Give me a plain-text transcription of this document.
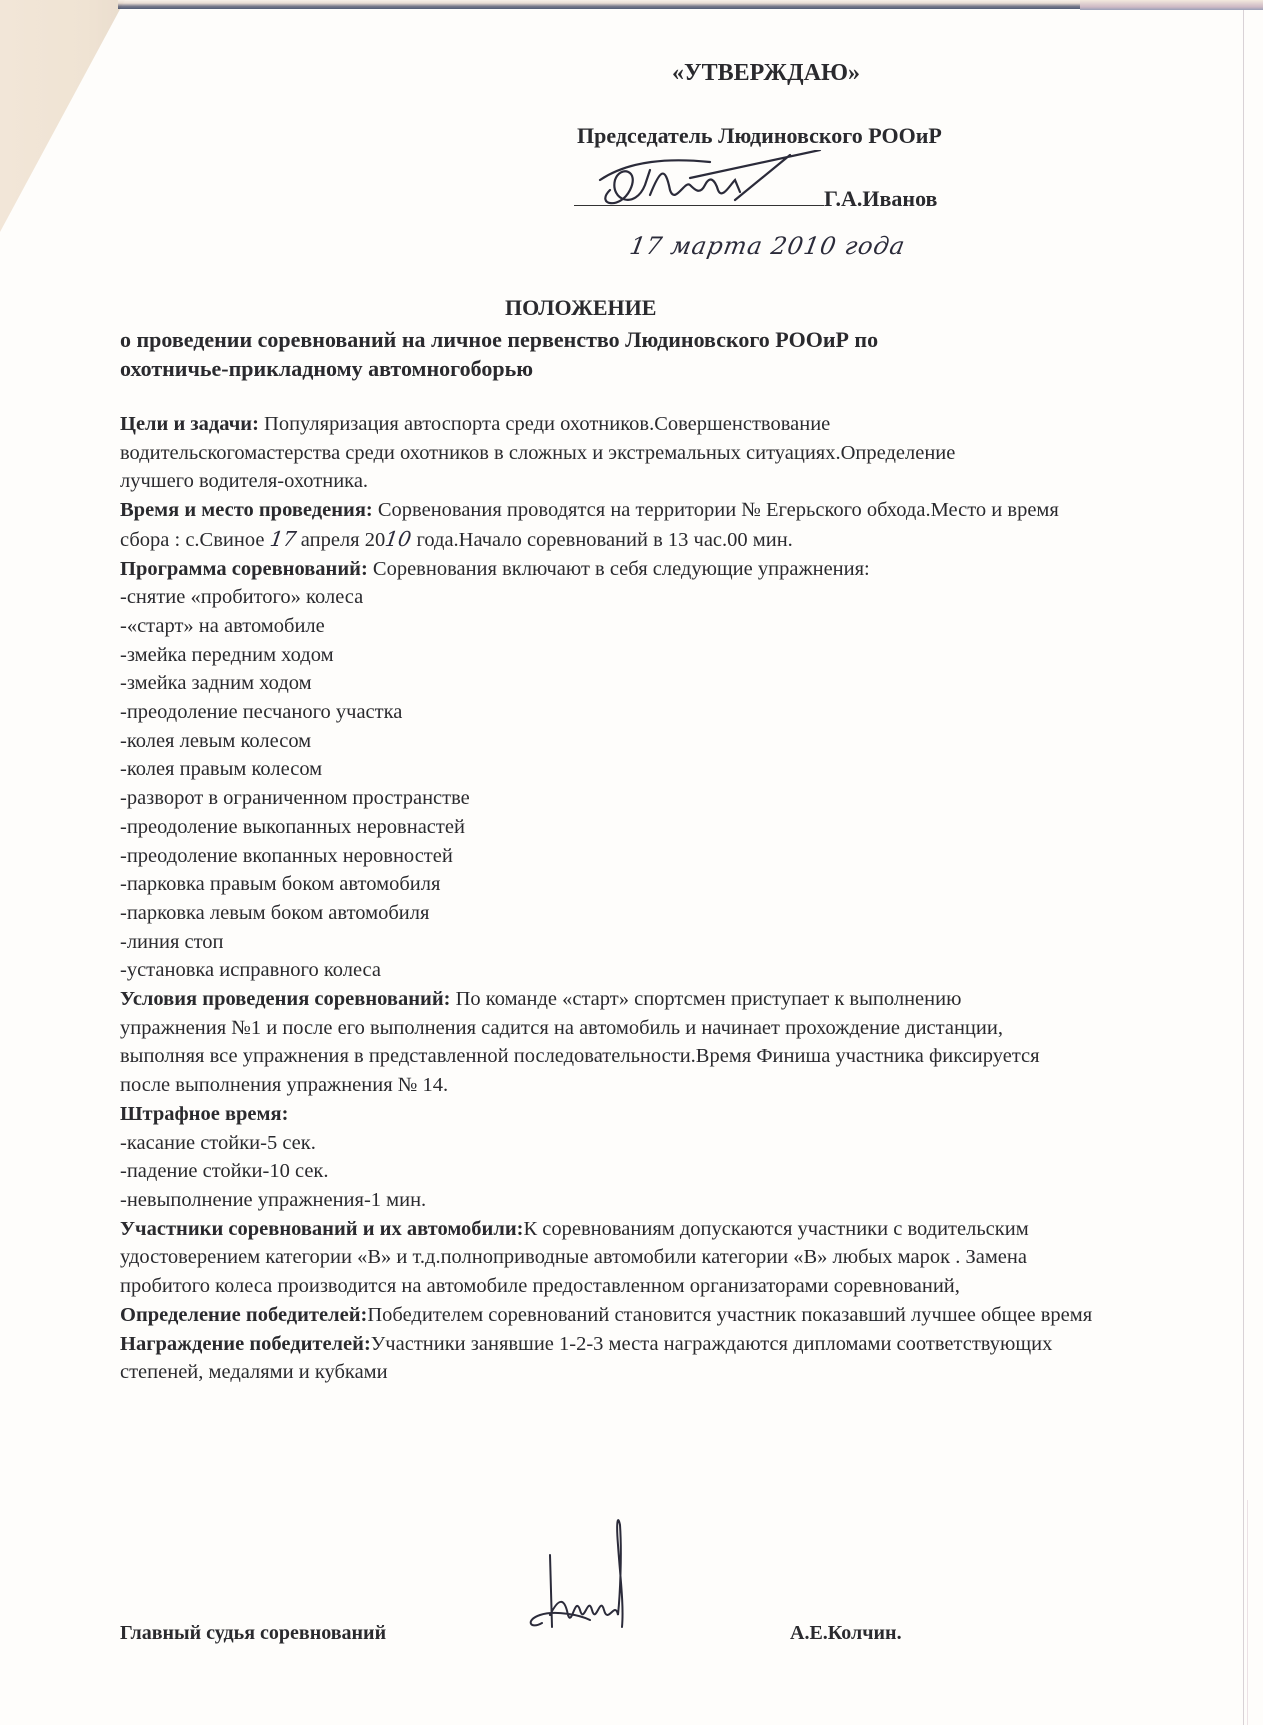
«УТВЕРЖДАЮ»
Председатель Людиновского РООиР
Г.А.Иванов
17 марта 2010 года
ПОЛОЖЕНИЕ
о проведении соревнований на личное первенство Людиновского РООиР по
охотничье-прикладному автомногоборью

Цели и задачи: Популяризация автоспорта среди охотников.Совершенствование водительскогомастерства среди охотников в сложных и экстремальных ситуациях.Определение лучшего водителя-охотника.

Время и место проведения: Сорвенования проводятся на территории № Егерьского обхода.Место и время сбора : с.Свиное 17 апреля 2010 года.Начало соревнований в 13 час.00 мин.

Программа соревнований: Соревнования включают в себя следующие упражнения:

-снятие «пробитого» колеса
-«старт» на автомобиле
-змейка передним ходом
-змейка задним ходом
-преодоление песчаного участка
-колея левым колесом
-колея правым колесом
-разворот в ограниченном пространстве
-преодоление выкопанных неровнастей
-преодоление вкопанных неровностей
-парковка правым боком автомобиля
-парковка левым боком автомобиля
-линия стоп
-установка исправного колеса

Условия проведения соревнований: По команде «старт» спортсмен приступает к выполнению упражнения №1 и после его выполнения садится на автомобиль и начинает прохождение дистанции, выполняя все упражнения в представленной последовательности.Время Финиша участника фиксируется после выполнения упражнения № 14.

Штрафное время:

-касание стойки-5 сек.
-падение стойки-10 сек.
-невыполнение упражнения-1 мин.

Участники соревнований и их автомобили:К соревнованиям допускаются участники с водительским удостоверением категории «В» и т.д.полноприводные автомобили категории «В» любых марок . Замена пробитого колеса производится на автомобиле предоставленном организаторами соревнований,

Определение победителей:Победителем соревнований становится участник показавший лучшее общее время

Награждение победителей:Участники занявшие 1-2-3 места награждаются дипломами соответствующих степеней, медалями и кубками

Главный судья соревнований	А.Е.Колчин.
